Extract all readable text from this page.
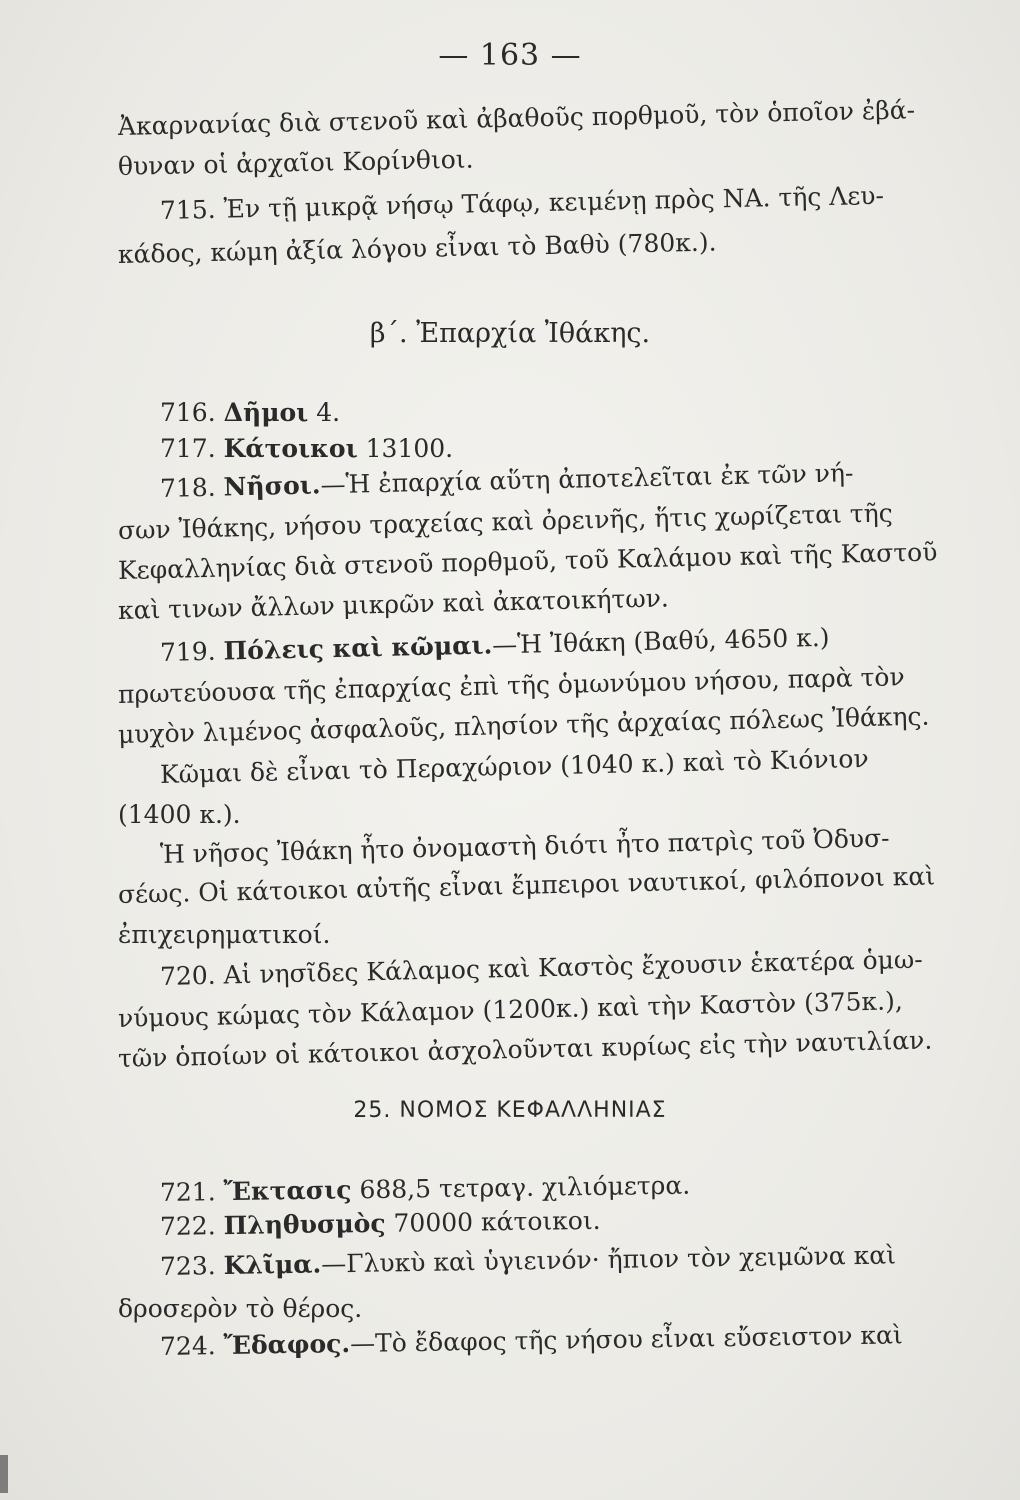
— 163 —
Ἀκαρνανίας διὰ στενοῦ καὶ ἀβαθοῦς πορθμοῦ, τὸν ὁποῖον ἐβά-
θυναν οἱ ἀρχαῖοι Κορίνθιοι.
715. Ἐν τῇ μικρᾷ νήσῳ Τάφῳ, κειμένῃ πρὸς ΝΑ. τῆς Λευ-
κάδος, κώμη ἀξία λόγου εἶναι τὸ Βαθὺ (780κ.).
β΄. Ἐπαρχία Ἰθάκης.
716. Δῆμοι 4.
717. Κάτοικοι 13100.
718. Νῆσοι.—Ἡ ἐπαρχία αὕτη ἀποτελεῖται ἐκ τῶν νή-
σων Ἰθάκης, νήσου τραχείας καὶ ὀρεινῆς, ἥτις χωρίζεται τῆς
Κεφαλληνίας διὰ στενοῦ πορθμοῦ, τοῦ Καλάμου καὶ τῆς Καστοῦ
καὶ τινων ἄλλων μικρῶν καὶ ἀκατοικήτων.
719. Πόλεις καὶ κῶμαι.—Ἡ Ἰθάκη (Βαθύ, 4650 κ.)
πρωτεύουσα τῆς ἐπαρχίας ἐπὶ τῆς ὁμωνύμου νήσου, παρὰ τὸν
μυχὸν λιμένος ἀσφαλοῦς, πλησίον τῆς ἀρχαίας πόλεως Ἰθάκης.
Κῶμαι δὲ εἶναι τὸ Περαχώριον (1040 κ.) καὶ τὸ Κιόνιον
(1400 κ.).
Ἡ νῆσος Ἰθάκη ἦτο ὀνομαστὴ διότι ἦτο πατρὶς τοῦ Ὀδυσ-
σέως. Οἱ κάτοικοι αὐτῆς εἶναι ἔμπειροι ναυτικοί, φιλόπονοι καὶ
ἐπιχειρηματικοί.
720. Αἱ νησῖδες Κάλαμος καὶ Καστὸς ἔχουσιν ἑκατέρα ὁμω-
νύμους κώμας τὸν Κάλαμον (1200κ.) καὶ τὴν Καστὸν (375κ.),
τῶν ὁποίων οἱ κάτοικοι ἀσχολοῦνται κυρίως εἰς τὴν ναυτιλίαν.
25. ΝΟΜΟΣ ΚΕΦΑΛΛΗΝΙΑΣ
721. Ἔκτασις 688,5 τετραγ. χιλιόμετρα.
722. Πληθυσμὸς 70000 κάτοικοι.
723. Κλῖμα.—Γλυκὺ καὶ ὑγιεινόν· ἤπιον τὸν χειμῶνα καὶ
δροσερὸν τὸ θέρος.
724. Ἔδαφος.—Τὸ ἔδαφος τῆς νήσου εἶναι εὔσειστον καὶ
